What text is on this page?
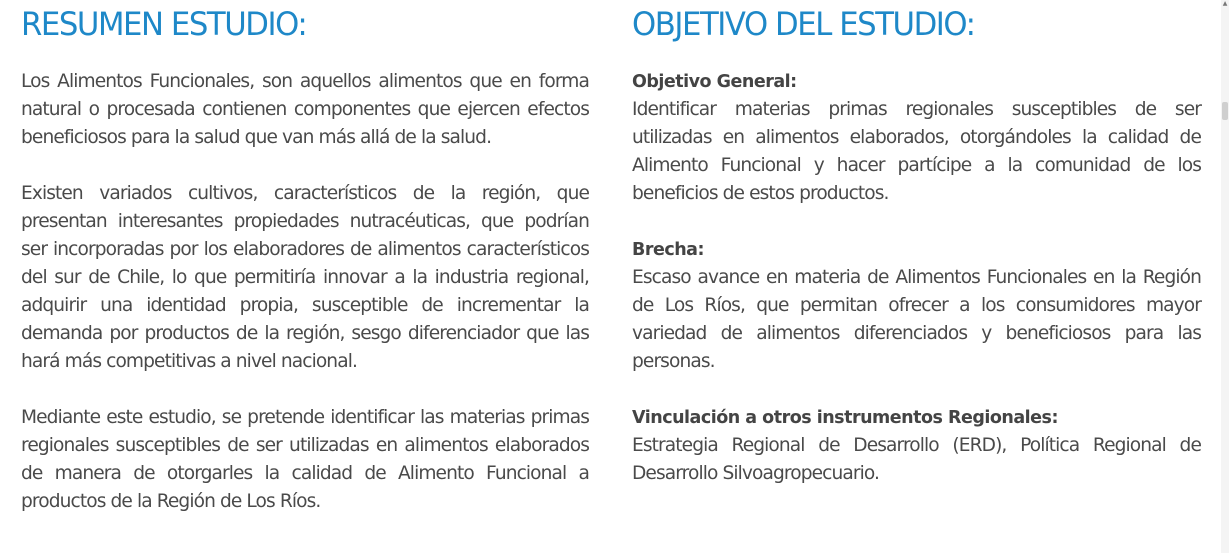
RESUMEN ESTUDIO:

Los Alimentos Funcionales, son aquellos alimentos que en forma natural o procesada contienen componentes que ejercen efectos beneficiosos para la salud que van más allá de la salud.

Existen variados cultivos, característicos de la región, que presentan interesantes propiedades nutracéuticas, que podrían ser incorporadas por los elaboradores de alimentos característicos del sur de Chile, lo que permitiría innovar a la industria regional, adquirir una identidad propia, susceptible de incrementar la demanda por productos de la región, sesgo diferenciador que las hará más competitivas a nivel nacional.

Mediante este estudio, se pretende identificar las materias primas regionales susceptibles de ser utilizadas en alimentos elaborados de manera de otorgarles la calidad de Alimento Funcional a productos de la Región de Los Ríos.

OBJETIVO DEL ESTUDIO:

Objetivo General:

Identificar materias primas regionales susceptibles de ser utilizadas en alimentos elaborados, otorgándoles la calidad de Alimento Funcional y hacer partícipe a la comunidad de los beneficios de estos productos.

Brecha:

Escaso avance en materia de Alimentos Funcionales en la Región de Los Ríos, que permitan ofrecer a los consumidores mayor variedad de alimentos diferenciados y beneficiosos para las personas.

Vinculación a otros instrumentos Regionales:

Estrategia Regional de Desarrollo (ERD), Política Regional de Desarrollo Silvoagropecuario.

▲
